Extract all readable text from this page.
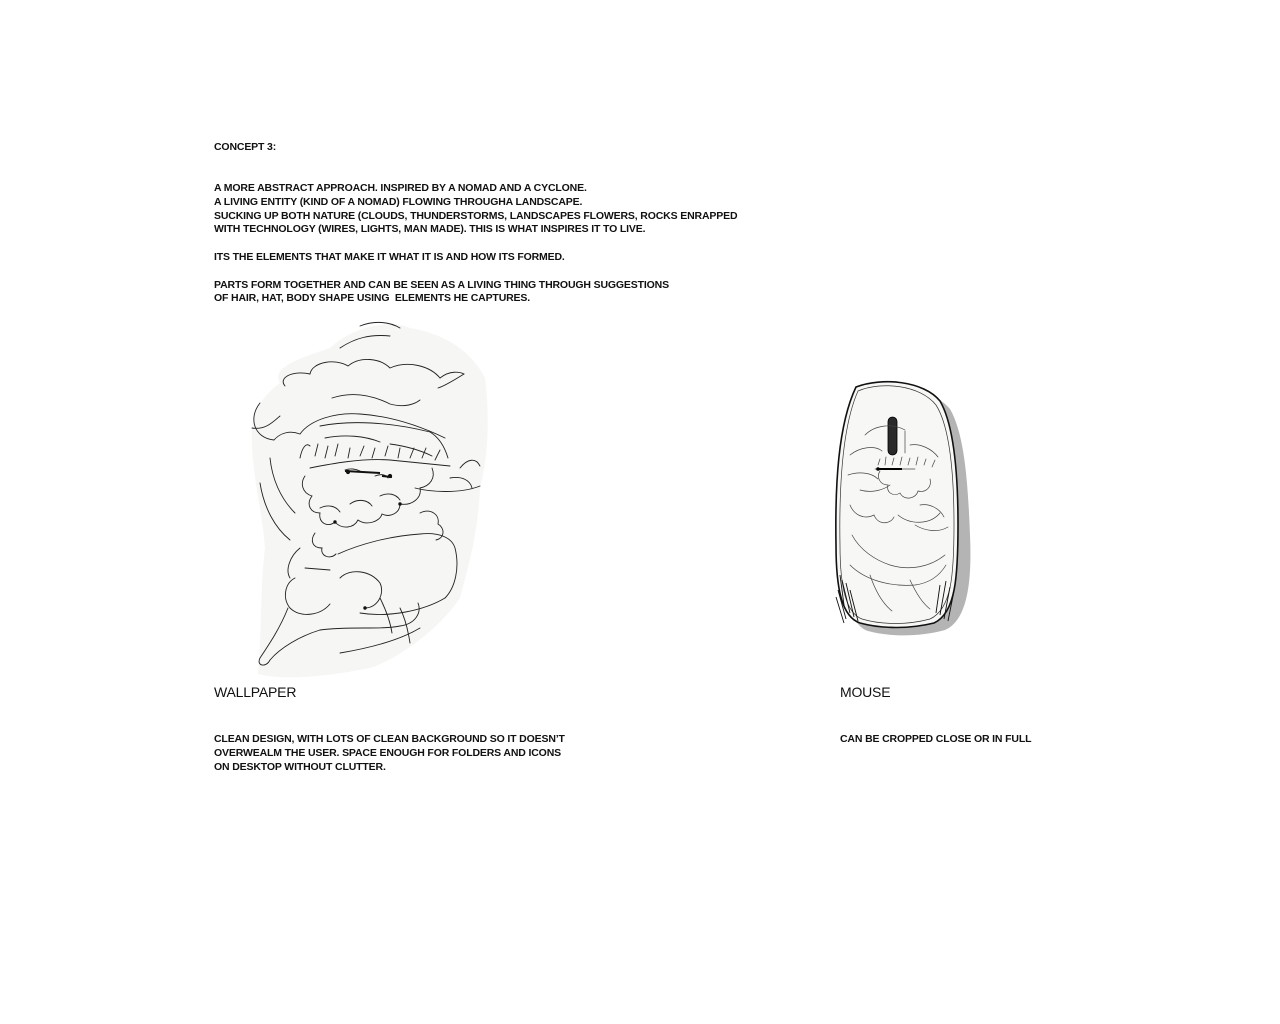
CONCEPT 3:
A MORE ABSTRACT APPROACH. INSPIRED BY A NOMAD AND A CYCLONE.
A LIVING ENTITY (KIND OF A NOMAD) FLOWING THROUGHA LANDSCAPE.
SUCKING UP BOTH NATURE (CLOUDS, THUNDERSTORMS, LANDSCAPES FLOWERS, ROCKS ENRAPPED
WITH TECHNOLOGY (WIRES, LIGHTS, MAN MADE). THIS IS WHAT INSPIRES IT TO LIVE.
ITS THE ELEMENTS THAT MAKE IT WHAT IT IS AND HOW ITS FORMED.
PARTS FORM TOGETHER AND CAN BE SEEN AS A LIVING THING THROUGH SUGGESTIONS
OF HAIR, HAT, BODY SHAPE USING  ELEMENTS HE CAPTURES.
WALLPAPER	MOUSE
CLEAN DESIGN, WITH LOTS OF CLEAN BACKGROUND SO IT DOESN’T
OVERWEALM THE USER. SPACE ENOUGH FOR FOLDERS AND ICONS
ON DESKTOP WITHOUT CLUTTER.
CAN BE CROPPED CLOSE OR IN FULL
